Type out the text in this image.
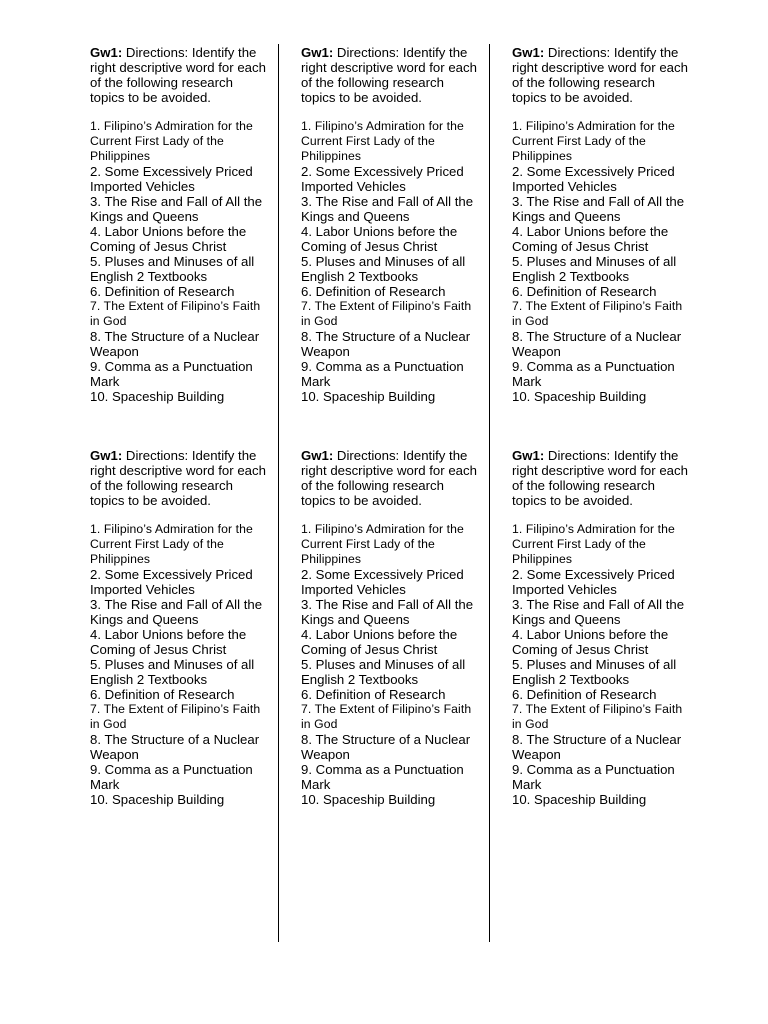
Gw1: Directions: Identify the right descriptive word for each of the following research topics to be avoided.

1. Filipino’s Admiration for the Current First Lady of the Philippines
2. Some Excessively Priced Imported Vehicles
3. The Rise and Fall of All the Kings and Queens
4. Labor Unions before the Coming of Jesus Christ
5. Pluses and Minuses of all English 2 Textbooks
6. Definition of Research
7. The Extent of Filipino’s Faith in God
8. The Structure of a Nuclear Weapon
9. Comma as a Punctuation Mark
10. Spaceship Building

Gw1: Directions: Identify the right descriptive word for each of the following research topics to be avoided.

1. Filipino’s Admiration for the Current First Lady of the Philippines
2. Some Excessively Priced Imported Vehicles
3. The Rise and Fall of All the Kings and Queens
4. Labor Unions before the Coming of Jesus Christ
5. Pluses and Minuses of all English 2 Textbooks
6. Definition of Research
7. The Extent of Filipino’s Faith in God
8. The Structure of a Nuclear Weapon
9. Comma as a Punctuation Mark
10. Spaceship Building

Gw1: Directions: Identify the right descriptive word for each of the following research topics to be avoided.

1. Filipino’s Admiration for the Current First Lady of the Philippines
2. Some Excessively Priced Imported Vehicles
3. The Rise and Fall of All the Kings and Queens
4. Labor Unions before the Coming of Jesus Christ
5. Pluses and Minuses of all English 2 Textbooks
6. Definition of Research
7. The Extent of Filipino’s Faith in God
8. The Structure of a Nuclear Weapon
9. Comma as a Punctuation Mark
10. Spaceship Building

Gw1: Directions: Identify the right descriptive word for each of the following research topics to be avoided.

1. Filipino’s Admiration for the Current First Lady of the Philippines
2. Some Excessively Priced Imported Vehicles
3. The Rise and Fall of All the Kings and Queens
4. Labor Unions before the Coming of Jesus Christ
5. Pluses and Minuses of all English 2 Textbooks
6. Definition of Research
7. The Extent of Filipino’s Faith in God
8. The Structure of a Nuclear Weapon
9. Comma as a Punctuation Mark
10. Spaceship Building

Gw1: Directions: Identify the right descriptive word for each of the following research topics to be avoided.

1. Filipino’s Admiration for the Current First Lady of the Philippines
2. Some Excessively Priced Imported Vehicles
3. The Rise and Fall of All the Kings and Queens
4. Labor Unions before the Coming of Jesus Christ
5. Pluses and Minuses of all English 2 Textbooks
6. Definition of Research
7. The Extent of Filipino’s Faith in God
8. The Structure of a Nuclear Weapon
9. Comma as a Punctuation Mark
10. Spaceship Building

Gw1: Directions: Identify the right descriptive word for each of the following research topics to be avoided.

1. Filipino’s Admiration for the Current First Lady of the Philippines
2. Some Excessively Priced Imported Vehicles
3. The Rise and Fall of All the Kings and Queens
4. Labor Unions before the Coming of Jesus Christ
5. Pluses and Minuses of all English 2 Textbooks
6. Definition of Research
7. The Extent of Filipino’s Faith in God
8. The Structure of a Nuclear Weapon
9. Comma as a Punctuation Mark
10. Spaceship Building
